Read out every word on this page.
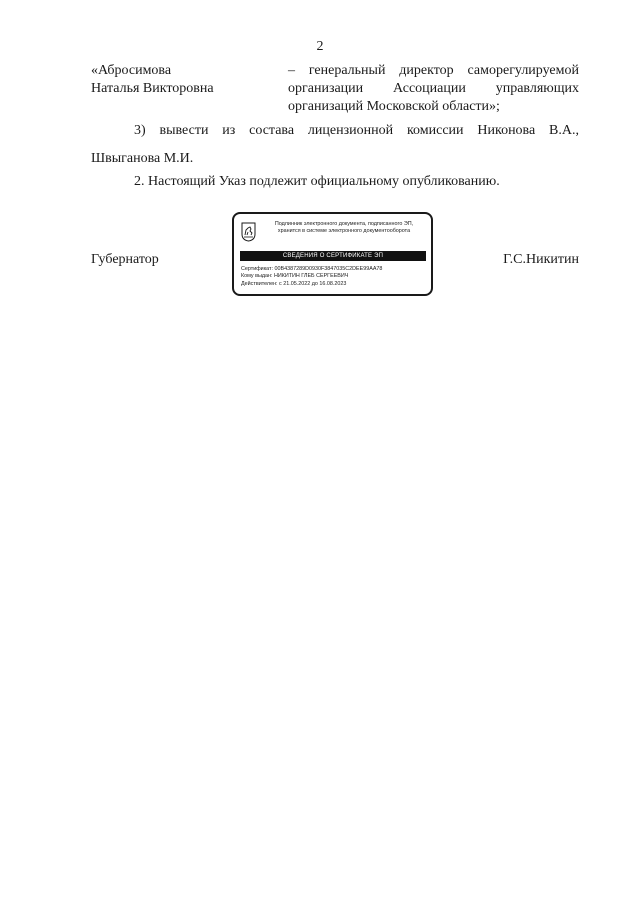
2
«Абросимова
Наталья Викторовна
– генеральный директор саморегулируемой
организации Ассоциации управляющих
организаций Московской области»;
3) вывести из состава лицензионной комиссии Никонова В.А.,
Швыганова М.И.
2. Настоящий Указ подлежит официальному опубликованию.
Губернатор	Г.С.Никитин
Подлинник электронного документа, подписанного ЭП,
хранится в системе электронного документооборота
СВЕДЕНИЯ О СЕРТИФИКАТЕ ЭП
Сертификат: 00B4387289D0930F3847035C2DEE99AA78
Кому выдан: НИКИТИН ГЛЕБ СЕРГЕЕВИЧ
Действителен: с 21.05.2022 до 16.08.2023
